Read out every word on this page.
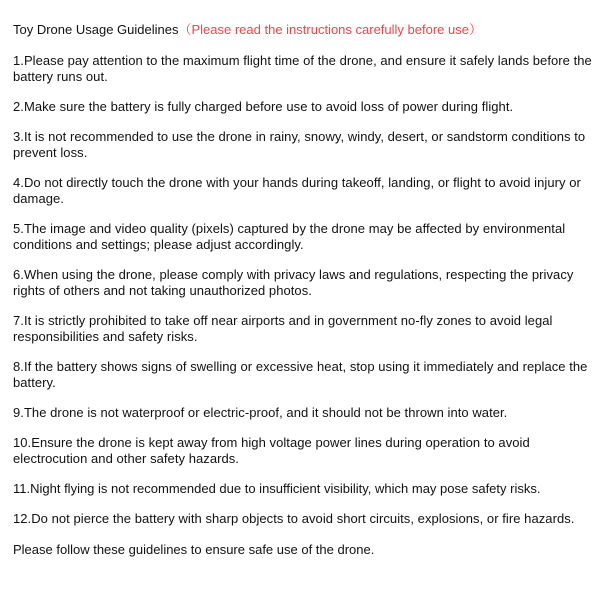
Toy Drone Usage Guidelines（Please read the instructions carefully before use）
1.Please pay attention to the maximum flight time of the drone, and ensure it safely lands before the battery runs out.
2.Make sure the battery is fully charged before use to avoid loss of power during flight.
3.It is not recommended to use the drone in rainy, snowy, windy, desert, or sandstorm conditions to prevent loss.
4.Do not directly touch the drone with your hands during takeoff, landing, or flight to avoid injury or damage.
5.The image and video quality (pixels) captured by the drone may be affected by environmental conditions and settings; please adjust accordingly.
6.When using the drone, please comply with privacy laws and regulations, respecting the privacy rights of others and not taking unauthorized photos.
7.It is strictly prohibited to take off near airports and in government no-fly zones to avoid legal responsibilities and safety risks.
8.If the battery shows signs of swelling or excessive heat, stop using it immediately and replace the battery.
9.The drone is not waterproof or electric-proof, and it should not be thrown into water.
10.Ensure the drone is kept away from high voltage power lines during operation to avoid electrocution and other safety hazards.
11.Night flying is not recommended due to insufficient visibility, which may pose safety risks.
12.Do not pierce the battery with sharp objects to avoid short circuits, explosions, or fire hazards.
Please follow these guidelines to ensure safe use of the drone.
